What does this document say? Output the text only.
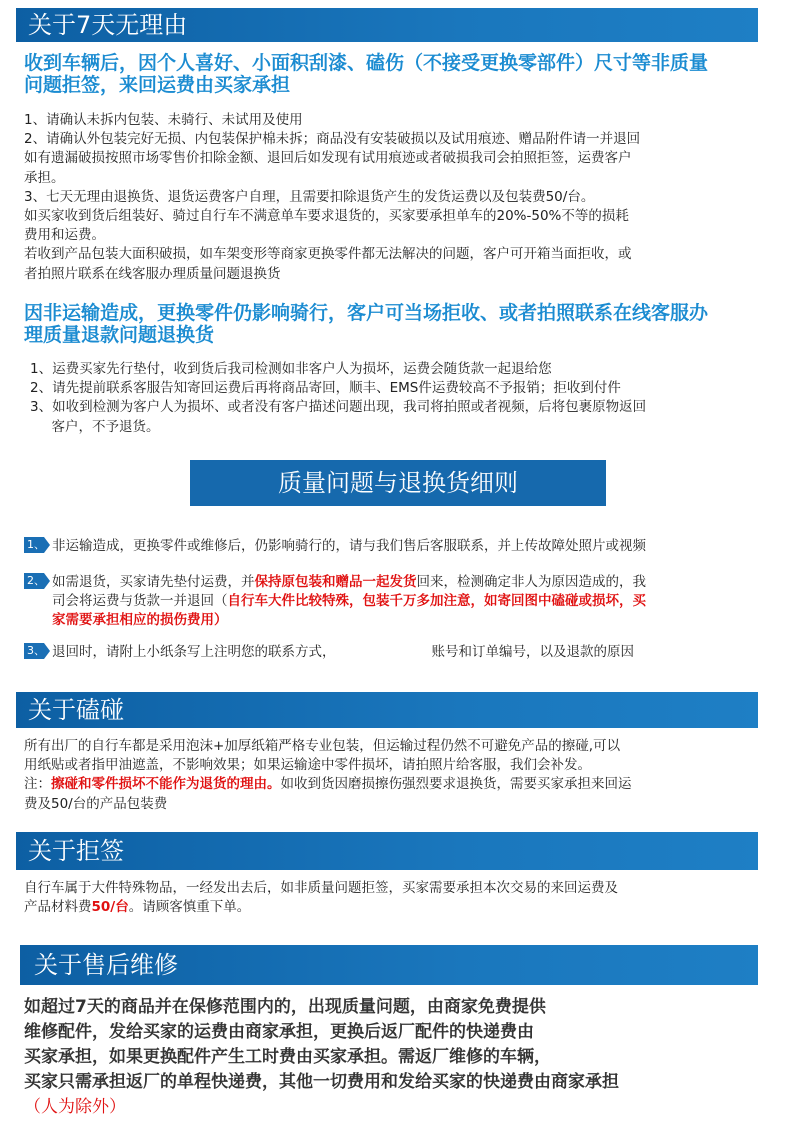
关于7天无理由
收到车辆后，因个人喜好、小面积刮漆、磕伤（不接受更换零部件）尺寸等非质量
问题拒签，来回运费由买家承担

1、请确认未拆内包装、未骑行、未试用及使用

2、请确认外包装完好无损、内包装保护棉未拆；商品没有安装破损以及试用痕迹、赠品附件请一并退回

如有遗漏破损按照市场零售价扣除金额、退回后如发现有试用痕迹或者破损我司会拍照拒签，运费客户

承担。

3、七天无理由退换货、退货运费客户自理，且需要扣除退货产生的发货运费以及包装费50/台。

如买家收到货后组装好、骑过自行车不满意单车要求退货的，买家要承担单车的20%-50%不等的损耗

费用和运费。

若收到产品包装大面积破损，如车架变形等商家更换零件都无法解决的问题，客户可开箱当面拒收，或

者拍照片联系在线客服办理质量问题退换货

因非运输造成，更换零件仍影响骑行，客户可当场拒收、或者拍照联系在线客服办
理质量退款问题退换货

1、运费买家先行垫付，收到货后我司检测如非客户人为损坏，运费会随货款一起退给您

2、请先提前联系客服告知寄回运费后再将商品寄回，顺丰、EMS件运费较高不予报销；拒收到付件

3、如收到检测为客户人为损坏、或者没有客户描述问题出现，我司将拍照或者视频，后将包裹原物返回

客户，不予退货。

质量问题与退换货细则
1、 非运输造成，更换零件或维修后，仍影响骑行的，请与我们售后客服联系，并上传故障处照片或视频

2、 如需退货，买家请先垫付运费，并保持原包装和赠品一起发货回来，检测确定非人为原因造成的，我

司会将运费与货款一并退回（自行车大件比较特殊，包装千万多加注意，如寄回图中磕碰或损坏，买

家需要承担相应的损伤费用）

3、 退回时，请附上小纸条写上注明您的联系方式，	账号和订单编号，以及退款的原因

关于磕碰

所有出厂的自行车都是采用泡沫+加厚纸箱严格专业包装，但运输过程仍然不可避免产品的擦碰,可以

用纸贴或者指甲油遮盖，不影响效果；如果运输途中零件损坏，请拍照片给客服，我们会补发。

注：擦碰和零件损坏不能作为退货的理由。如收到货因磨损擦伤强烈要求退换货，需要买家承担来回运

费及50/台的产品包装费

关于拒签

自行车属于大件特殊物品，一经发出去后，如非质量问题拒签，买家需要承担本次交易的来回运费及

产品材料费50/台。请顾客慎重下单。

关于售后维修

如超过7天的商品并在保修范围内的，出现质量问题，由商家免费提供

维修配件，发给买家的运费由商家承担，更换后返厂配件的快递费由

买家承担，如果更换配件产生工时费由买家承担。需返厂维修的车辆，

买家只需承担返厂的单程快递费，其他一切费用和发给买家的快递费由商家承担

（人为除外）
